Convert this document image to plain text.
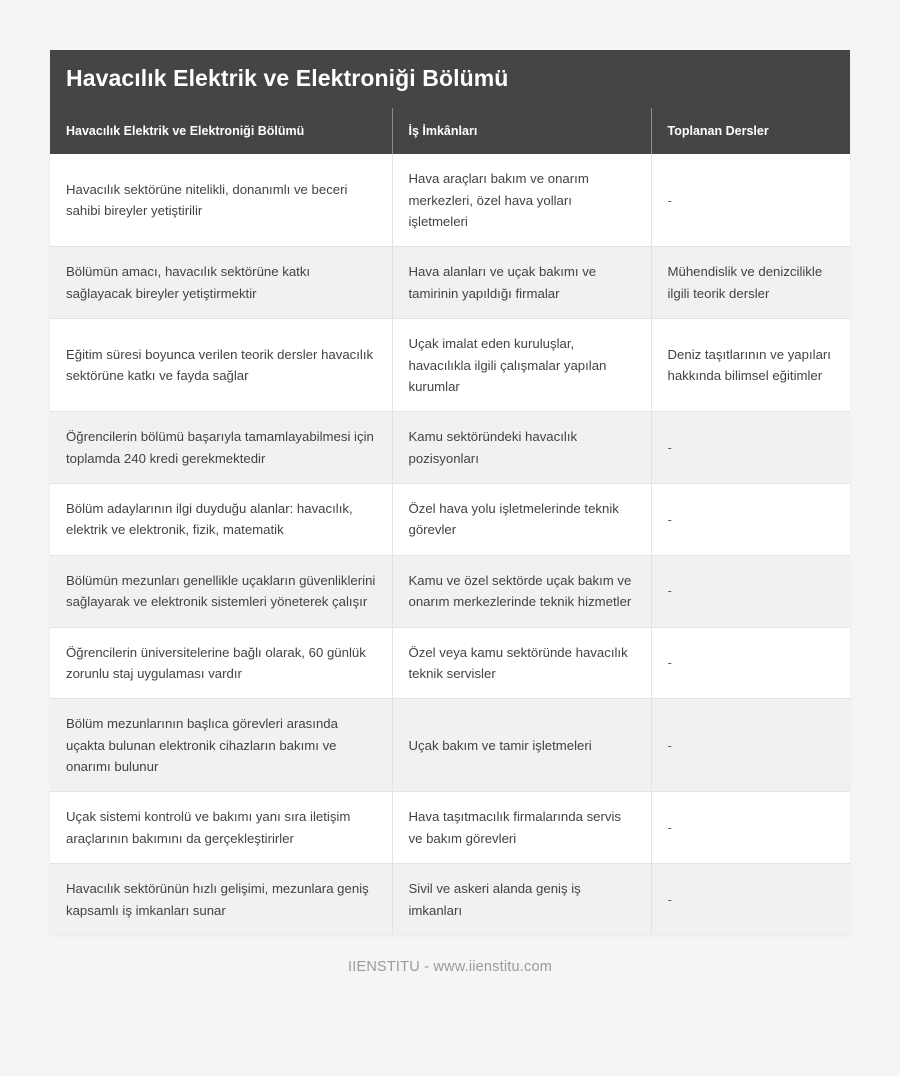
Havacılık Elektrik ve Elektroniği Bölümü
Havacılık Elektrik ve Elektroniği Bölümü	İş İmkânları	Toplanan Dersler
Havacılık sektörüne nitelikli, donanımlı ve beceri sahibi bireyler yetiştirilir	Hava araçları bakım ve onarım merkezleri, özel hava yolları işletmeleri	-
Bölümün amacı, havacılık sektörüne katkı sağlayacak bireyler yetiştirmektir	Hava alanları ve uçak bakımı ve tamirinin yapıldığı firmalar	Mühendislik ve denizcilikle ilgili teorik dersler
Eğitim süresi boyunca verilen teorik dersler havacılık sektörüne katkı ve fayda sağlar	Uçak imalat eden kuruluşlar, havacılıkla ilgili çalışmalar yapılan kurumlar	Deniz taşıtlarının ve yapıları hakkında bilimsel eğitimler
Öğrencilerin bölümü başarıyla tamamlayabilmesi için toplamda 240 kredi gerekmektedir	Kamu sektöründeki havacılık pozisyonları	-
Bölüm adaylarının ilgi duyduğu alanlar: havacılık, elektrik ve elektronik, fizik, matematik	Özel hava yolu işletmelerinde teknik görevler	-
Bölümün mezunları genellikle uçakların güvenliklerini sağlayarak ve elektronik sistemleri yöneterek çalışır	Kamu ve özel sektörde uçak bakım ve onarım merkezlerinde teknik hizmetler	-
Öğrencilerin üniversitelerine bağlı olarak, 60 günlük zorunlu staj uygulaması vardır	Özel veya kamu sektöründe havacılık teknik servisler	-
Bölüm mezunlarının başlıca görevleri arasında uçakta bulunan elektronik cihazların bakımı ve onarımı bulunur	Uçak bakım ve tamir işletmeleri	-
Uçak sistemi kontrolü ve bakımı yanı sıra iletişim araçlarının bakımını da gerçekleştirirler	Hava taşıtmacılık firmalarında servis ve bakım görevleri	-
Havacılık sektörünün hızlı gelişimi, mezunlara geniş kapsamlı iş imkanları sunar	Sivil ve askeri alanda geniş iş imkanları	-
IIENSTITU - www.iienstitu.com
